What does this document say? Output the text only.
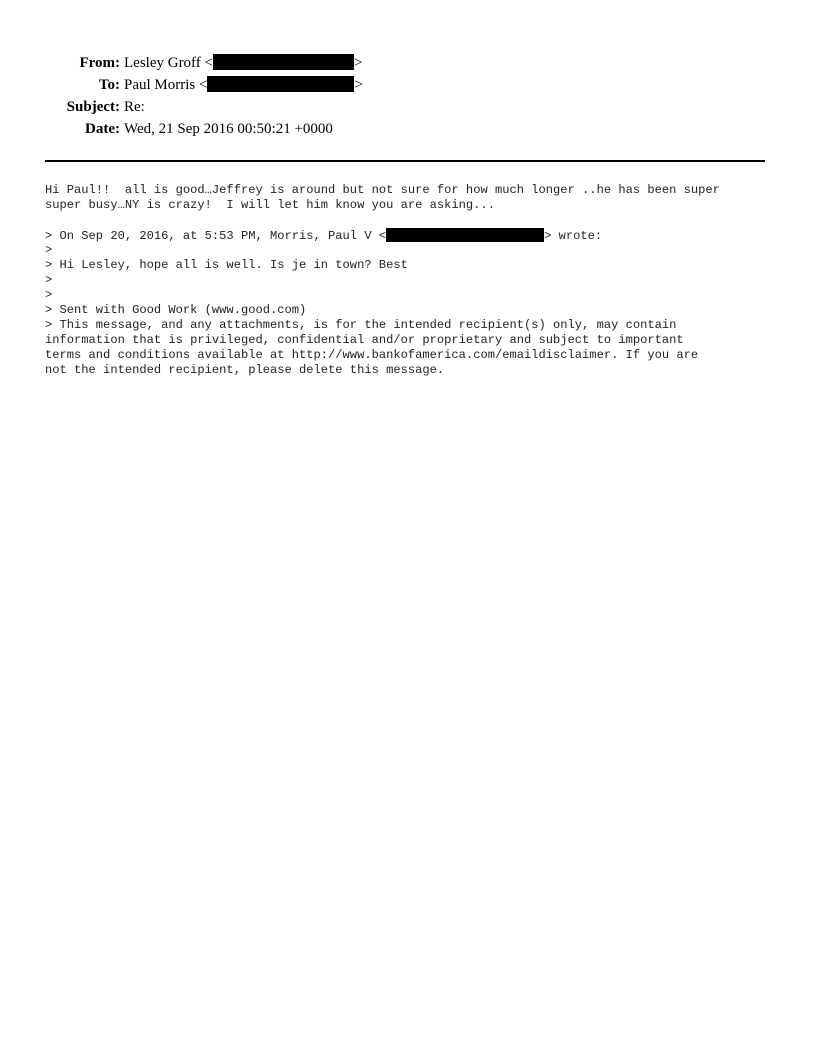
From: Lesley Groff <	>
To: Paul Morris <	>
Subject: Re:
Date: Wed, 21 Sep 2016 00:50:21 +0000
Hi Paul!!  all is good…Jeffrey is around but not sure for how much longer ..he has been super
super busy…NY is crazy!  I will let him know you are asking...
> On Sep 20, 2016, at 5:53 PM, Morris, Paul V <	> wrote:
>
> Hi Lesley, hope all is well. Is je in town? Best
>
>
> Sent with Good Work (www.good.com)
> This message, and any attachments, is for the intended recipient(s) only, may contain
information that is privileged, confidential and/or proprietary and subject to important
terms and conditions available at http://www.bankofamerica.com/emaildisclaimer. If you are
not the intended recipient, please delete this message.
